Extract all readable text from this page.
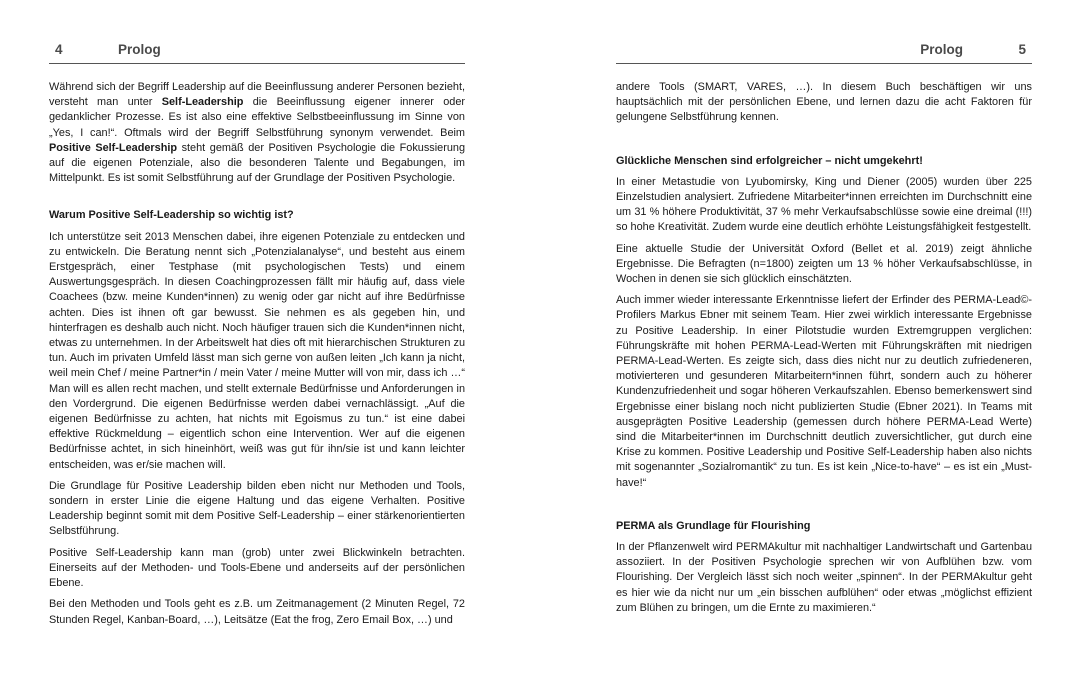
4	Prolog

Während sich der Begriff Leadership auf die Beeinflussung anderer Personen bezieht, versteht man unter Self-Leadership die Beeinflussung eigener innerer oder gedanklicher Prozesse. Es ist also eine effektive Selbstbeeinflussung im Sinne von „Yes, I can!“. Oftmals wird der Begriff Selbstführung synonym verwendet. Beim Positive Self-Leadership steht gemäß der Positiven Psychologie die Fokussierung auf die eigenen Potenziale, also die besonderen Talente und Begabungen, im Mittelpunkt. Es ist somit Selbstführung auf der Grundlage der Positiven Psychologie.

Warum Positive Self-Leadership so wichtig ist?

Ich unterstütze seit 2013 Menschen dabei, ihre eigenen Potenziale zu entdecken und zu entwickeln. Die Beratung nennt sich „Potenzialanalyse“, und besteht aus einem Erstgespräch, einer Testphase (mit psychologischen Tests) und einem Auswertungsgespräch. In diesen Coachingprozessen fällt mir häufig auf, dass viele Coachees (bzw. meine Kunden*innen) zu wenig oder gar nicht auf ihre Bedürfnisse achten. Dies ist ihnen oft gar bewusst. Sie nehmen es als gegeben hin, und hinterfragen es deshalb auch nicht. Noch häufiger trauen sich die Kunden*innen nicht, etwas zu unternehmen. In der Arbeitswelt hat dies oft mit hierarchischen Strukturen zu tun. Auch im privaten Umfeld lässt man sich gerne von außen leiten „Ich kann ja nicht, weil mein Chef / meine Partner*in / mein Vater / meine Mutter will von mir, dass ich …“ Man will es allen recht machen, und stellt externale Bedürfnisse und Anforderungen in den Vordergrund. Die eigenen Bedürfnisse werden dabei vernachlässigt. „Auf die eigenen Bedürfnisse zu achten, hat nichts mit Egoismus zu tun.“ ist eine dabei effektive Rückmeldung – eigentlich schon eine Intervention. Wer auf die eigenen Bedürfnisse achtet, in sich hineinhört, weiß was gut für ihn/sie ist und kann leichter entscheiden, was er/sie machen will.

Die Grundlage für Positive Leadership bilden eben nicht nur Methoden und Tools, sondern in erster Linie die eigene Haltung und das eigene Verhalten. Positive Leadership beginnt somit mit dem Positive Self-Leadership – einer stärkenorientierten Selbstführung.

Positive Self-Leadership kann man (grob) unter zwei Blickwinkeln betrachten. Einerseits auf der Methoden- und Tools-Ebene und anderseits auf der persönlichen Ebene.

Bei den Methoden und Tools geht es z.B. um Zeitmanagement (2 Minuten Regel, 72 Stunden Regel, Kanban-Board, …), Leitsätze (Eat the frog, Zero Email Box, …) und

Prolog	5

andere Tools (SMART, VARES, …). In diesem Buch beschäftigen wir uns hauptsächlich mit der persönlichen Ebene, und lernen dazu die acht Faktoren für gelungene Selbstführung kennen.

Glückliche Menschen sind erfolgreicher – nicht umgekehrt!

In einer Metastudie von Lyubomirsky, King und Diener (2005) wurden über 225 Einzelstudien analysiert. Zufriedene Mitarbeiter*innen erreichten im Durchschnitt eine um 31 % höhere Produktivität, 37 % mehr Verkaufsabschlüsse sowie eine dreimal (!!!) so hohe Kreativität. Zudem wurde eine deutlich erhöhte Leistungsfähigkeit festgestellt.

Eine aktuelle Studie der Universität Oxford (Bellet et al. 2019) zeigt ähnliche Ergebnisse. Die Befragten (n=1800) zeigten um 13 % höher Verkaufsabschlüsse, in Wochen in denen sie sich glücklich einschätzten.

Auch immer wieder interessante Erkenntnisse liefert der Erfinder des PERMA-Lead©-Profilers Markus Ebner mit seinem Team. Hier zwei wirklich interessante Ergebnisse zu Positive Leadership. In einer Pilotstudie wurden Extremgruppen verglichen: Führungskräfte mit hohen PERMA-Lead-Werten mit Führungskräften mit niedrigen PERMA-Lead-Werten. Es zeigte sich, dass dies nicht nur zu deutlich zufriedeneren, motivierteren und gesunderen Mitarbeitern*innen führt, sondern auch zu höherer Kundenzufriedenheit und sogar höheren Verkaufszahlen. Ebenso bemerkenswert sind Ergebnisse einer bislang noch nicht publizierten Studie (Ebner 2021). In Teams mit ausgeprägten Positive Leadership (gemessen durch höhere PERMA-Lead Werte) sind die Mitarbeiter*innen im Durchschnitt deutlich zuversichtlicher, gut durch eine Krise zu kommen. Positive Leadership und Positive Self-Leadership haben also nichts mit sogenannter „Sozialromantik“ zu tun. Es ist kein „Nice-to-have“ – es ist ein „Must-have!“

PERMA als Grundlage für Flourishing

In der Pflanzenwelt wird PERMAkultur mit nachhaltiger Landwirtschaft und Gartenbau assoziiert. In der Positiven Psychologie sprechen wir von Aufblühen bzw. vom Flourishing. Der Vergleich lässt sich noch weiter „spinnen“. In der PERMAkultur geht es hier wie da nicht nur um „ein bisschen aufblühen“ oder etwas „möglichst effizient zum Blühen zu bringen, um die Ernte zu maximieren.“
